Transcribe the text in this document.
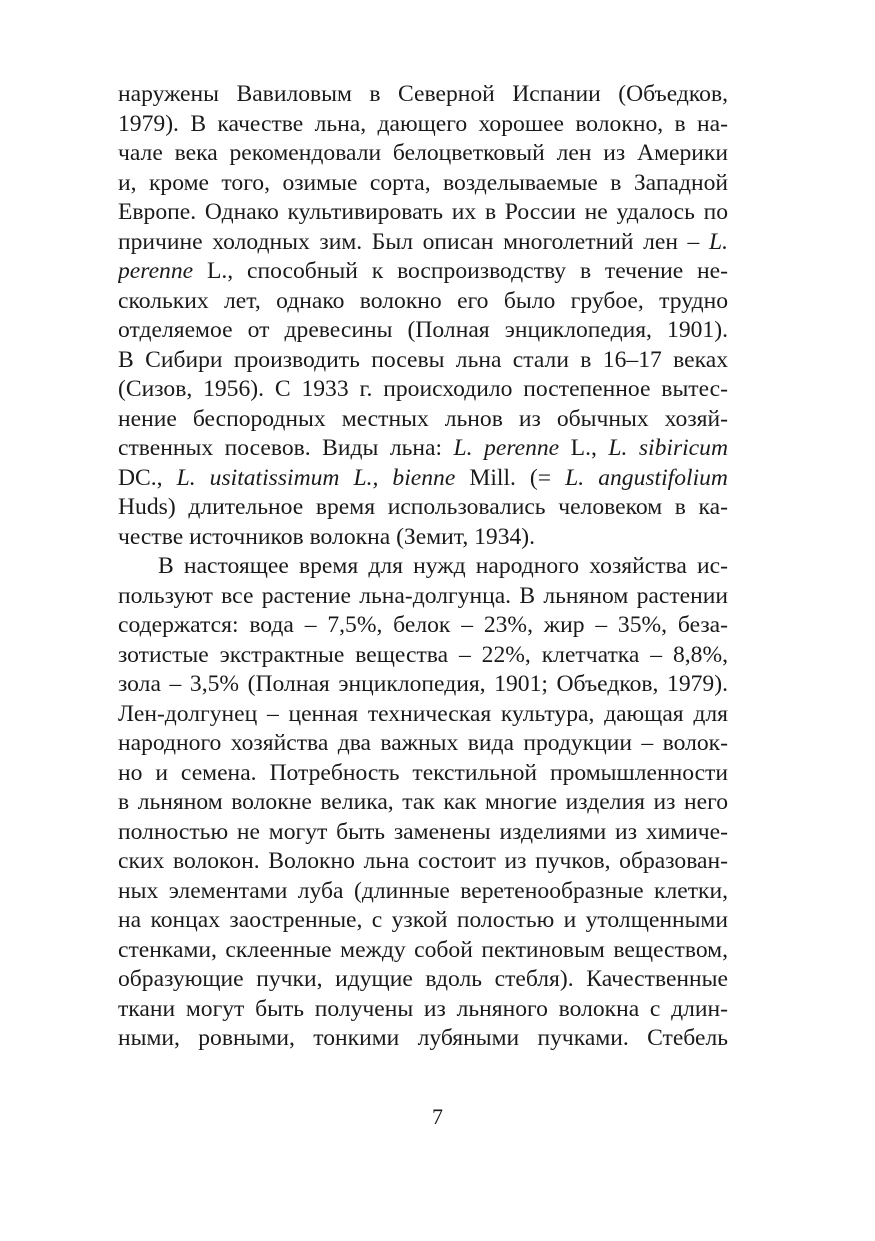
наружены Вавиловым в Северной Испании (Объедков,
1979). В качестве льна, дающего хорошее волокно, в на-
чале века рекомендовали белоцветковый лен из Америки
и, кроме того, озимые сорта, возделываемые в Западной
Европе. Однако культивировать их в России не удалось по
причине холодных зим. Был описан многолетний лен – L.
perenne L., способный к воспроизводству в течение не-
скольких лет, однако волокно его было грубое, трудно
отделяемое от древесины (Полная энциклопедия, 1901).
В Сибири производить посевы льна стали в 16–17 веках
(Сизов, 1956). С 1933 г. происходило постепенное вытес-
нение беспородных местных льнов из обычных хозяй-
ственных посевов. Виды льна: L. perenne L., L. sibiricum
DC., L. usitatissimum L., bienne Mill. (= L. angustifolium
Huds) длительное время использовались человеком в ка-
честве источников волокна (Земит, 1934).
В настоящее время для нужд народного хозяйства ис-
пользуют все растение льна-долгунца. В льняном растении
содержатся: вода – 7,5%, белок – 23%, жир – 35%, безa-
зотистые экстрактные вещества – 22%, клетчатка – 8,8%,
зола – 3,5% (Полная энциклопедия, 1901; Объедков, 1979).
Лен-долгунец – ценная техническая культура, дающая для
народного хозяйства два важных вида продукции – волок-
но и семена. Потребность текстильной промышленности
в льняном волокне велика, так как многие изделия из него
полностью не могут быть заменены изделиями из химиче-
ских волокон. Волокно льна состоит из пучков, образован-
ных элементами луба (длинные веретенообразные клетки,
на концах заостренные, с узкой полостью и утолщенными
стенками, склеенные между собой пектиновым веществом,
образующие пучки, идущие вдоль стебля). Качественные
ткани могут быть получены из льняного волокна с длин-
ными, ровными, тонкими лубяными пучками. Стебель
7
